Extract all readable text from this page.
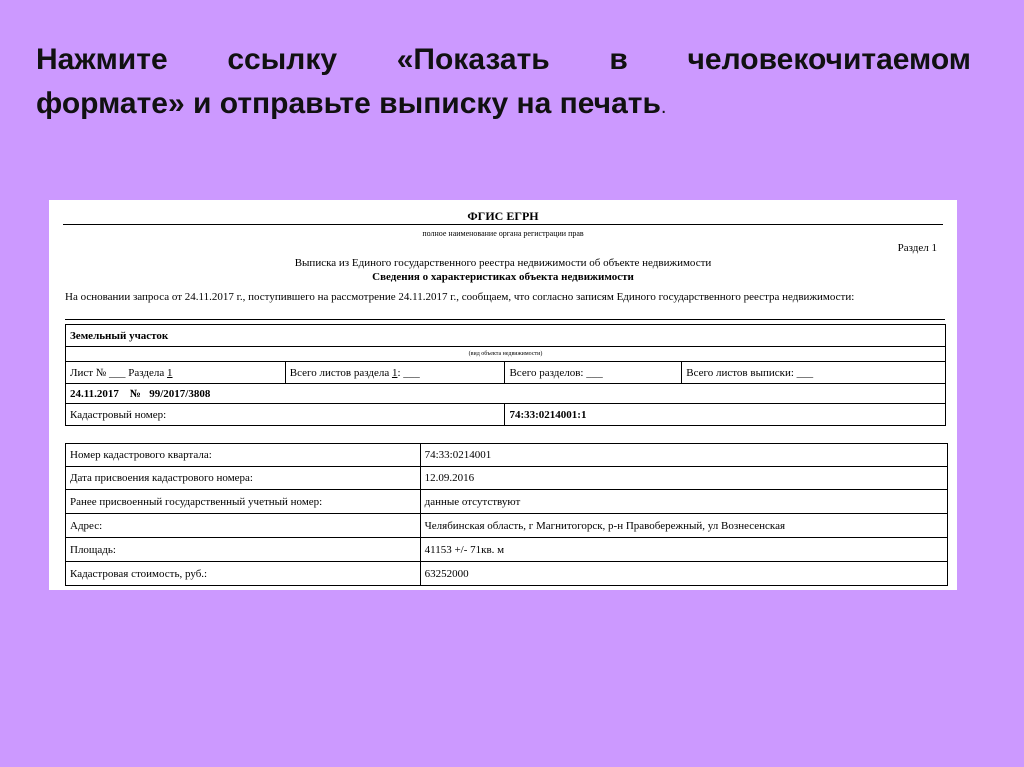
Нажмите ссылку «Показать в человекочитаемом
формате» и отправьте выписку на печать.
ФГИС ЕГРН
полное наименование органа регистрации прав
Раздел 1
Выписка из Единого государственного реестра недвижимости об объекте недвижимости
Сведения о характеристиках объекта недвижимости
На основании запроса от 24.11.2017 г., поступившего на рассмотрение 24.11.2017 г., сообщаем, что согласно записям Единого государственного реестра недвижимости:
Земельный участок			
(вид объекта недвижимости)			
Лист № ___ Раздела 1	Всего листов раздела 1: ___	Всего разделов: ___	Всего листов выписки: ___
24.11.2017 № 99/2017/3808			
Кадастровый номер:		74:33:0214001:1	
Номер кадастрового квартала:	74:33:0214001
Дата присвоения кадастрового номера:	12.09.2016
Ранее присвоенный государственный учетный номер:	данные отсутствуют
Адрес:	Челябинская область, г Магнитогорск, р-н Правобережный, ул Вознесенская
Площадь:	41153 +/- 71кв. м
Кадастровая стоимость, руб.:	63252000
